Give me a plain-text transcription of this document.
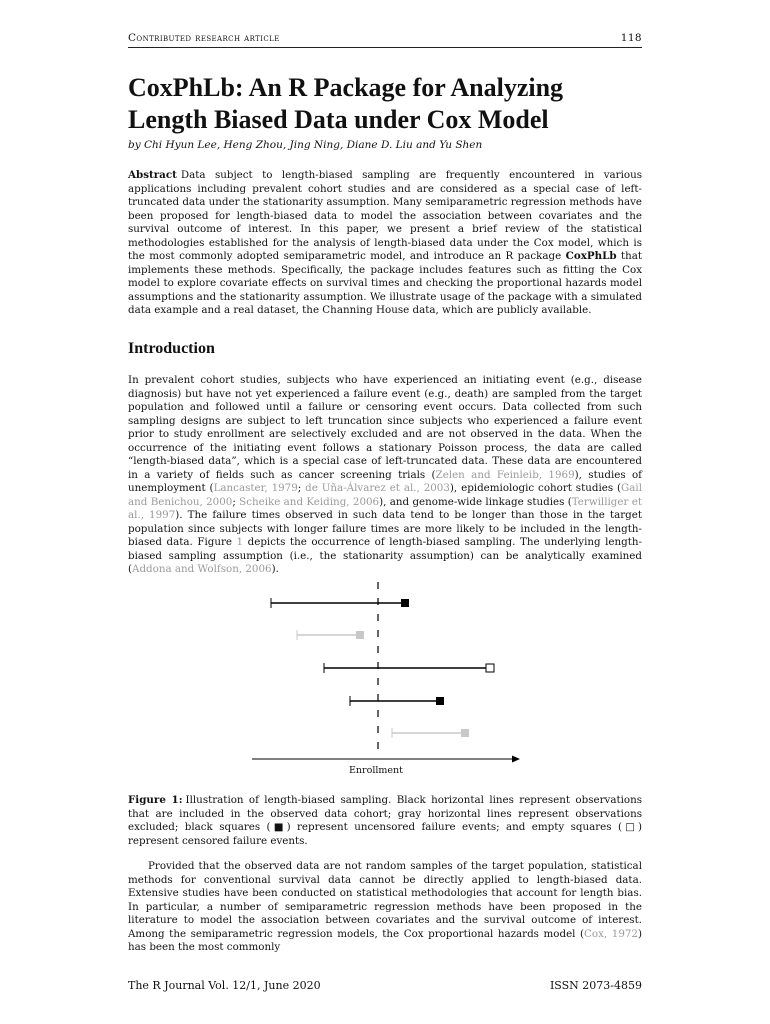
Contributed research article	118
CoxPhLb: An R Package for Analyzing Length Biased Data under Cox Model
by Chi Hyun Lee, Heng Zhou, Jing Ning, Diane D. Liu and Yu Shen

Abstract Data subject to length-biased sampling are frequently encountered in various applications including prevalent cohort studies and are considered as a special case of left-truncated data under the stationarity assumption. Many semiparametric regression methods have been proposed for length-biased data to model the association between covariates and the survival outcome of interest. In this paper, we present a brief review of the statistical methodologies established for the analysis of length-biased data under the Cox model, which is the most commonly adopted semiparametric model, and introduce an R package CoxPhLb that implements these methods. Specifically, the package includes features such as fitting the Cox model to explore covariate effects on survival times and checking the proportional hazards model assumptions and the stationarity assumption. We illustrate usage of the package with a simulated data example and a real dataset, the Channing House data, which are publicly available.

Introduction

In prevalent cohort studies, subjects who have experienced an initiating event (e.g., disease diagnosis) but have not yet experienced a failure event (e.g., death) are sampled from the target population and followed until a failure or censoring event occurs. Data collected from such sampling designs are subject to left truncation since subjects who experienced a failure event prior to study enrollment are selectively excluded and are not observed in the data. When the occurrence of the initiating event follows a stationary Poisson process, the data are called “length-biased data”, which is a special case of left-truncated data. These data are encountered in a variety of fields such as cancer screening trials (Zelen and Feinleib, 1969), studies of unemployment (Lancaster, 1979; de Uña-Álvarez et al., 2003), epidemiologic cohort studies (Gail and Benichou, 2000; Scheike and Keiding, 2006), and genome-wide linkage studies (Terwilliger et al., 1997). The failure times observed in such data tend to be longer than those in the target population since subjects with longer failure times are more likely to be included in the length-biased data. Figure 1 depicts the occurrence of length-biased sampling. The underlying length-biased sampling assumption (i.e., the stationarity assumption) can be analytically examined (Addona and Wolfson, 2006).

Enrollment

Figure 1: Illustration of length-biased sampling. Black horizontal lines represent observations that are included in the observed data cohort; gray horizontal lines represent observations excluded; black squares (■) represent uncensored failure events; and empty squares (□) represent censored failure events.

Provided that the observed data are not random samples of the target population, statistical methods for conventional survival data cannot be directly applied to length-biased data. Extensive studies have been conducted on statistical methodologies that account for length bias. In particular, a number of semiparametric regression methods have been proposed in the literature to model the association between covariates and the survival outcome of interest. Among the semiparametric regression models, the Cox proportional hazards model (Cox, 1972) has been the most commonly

The R Journal Vol. 12/1, June 2020	ISSN 2073-4859
